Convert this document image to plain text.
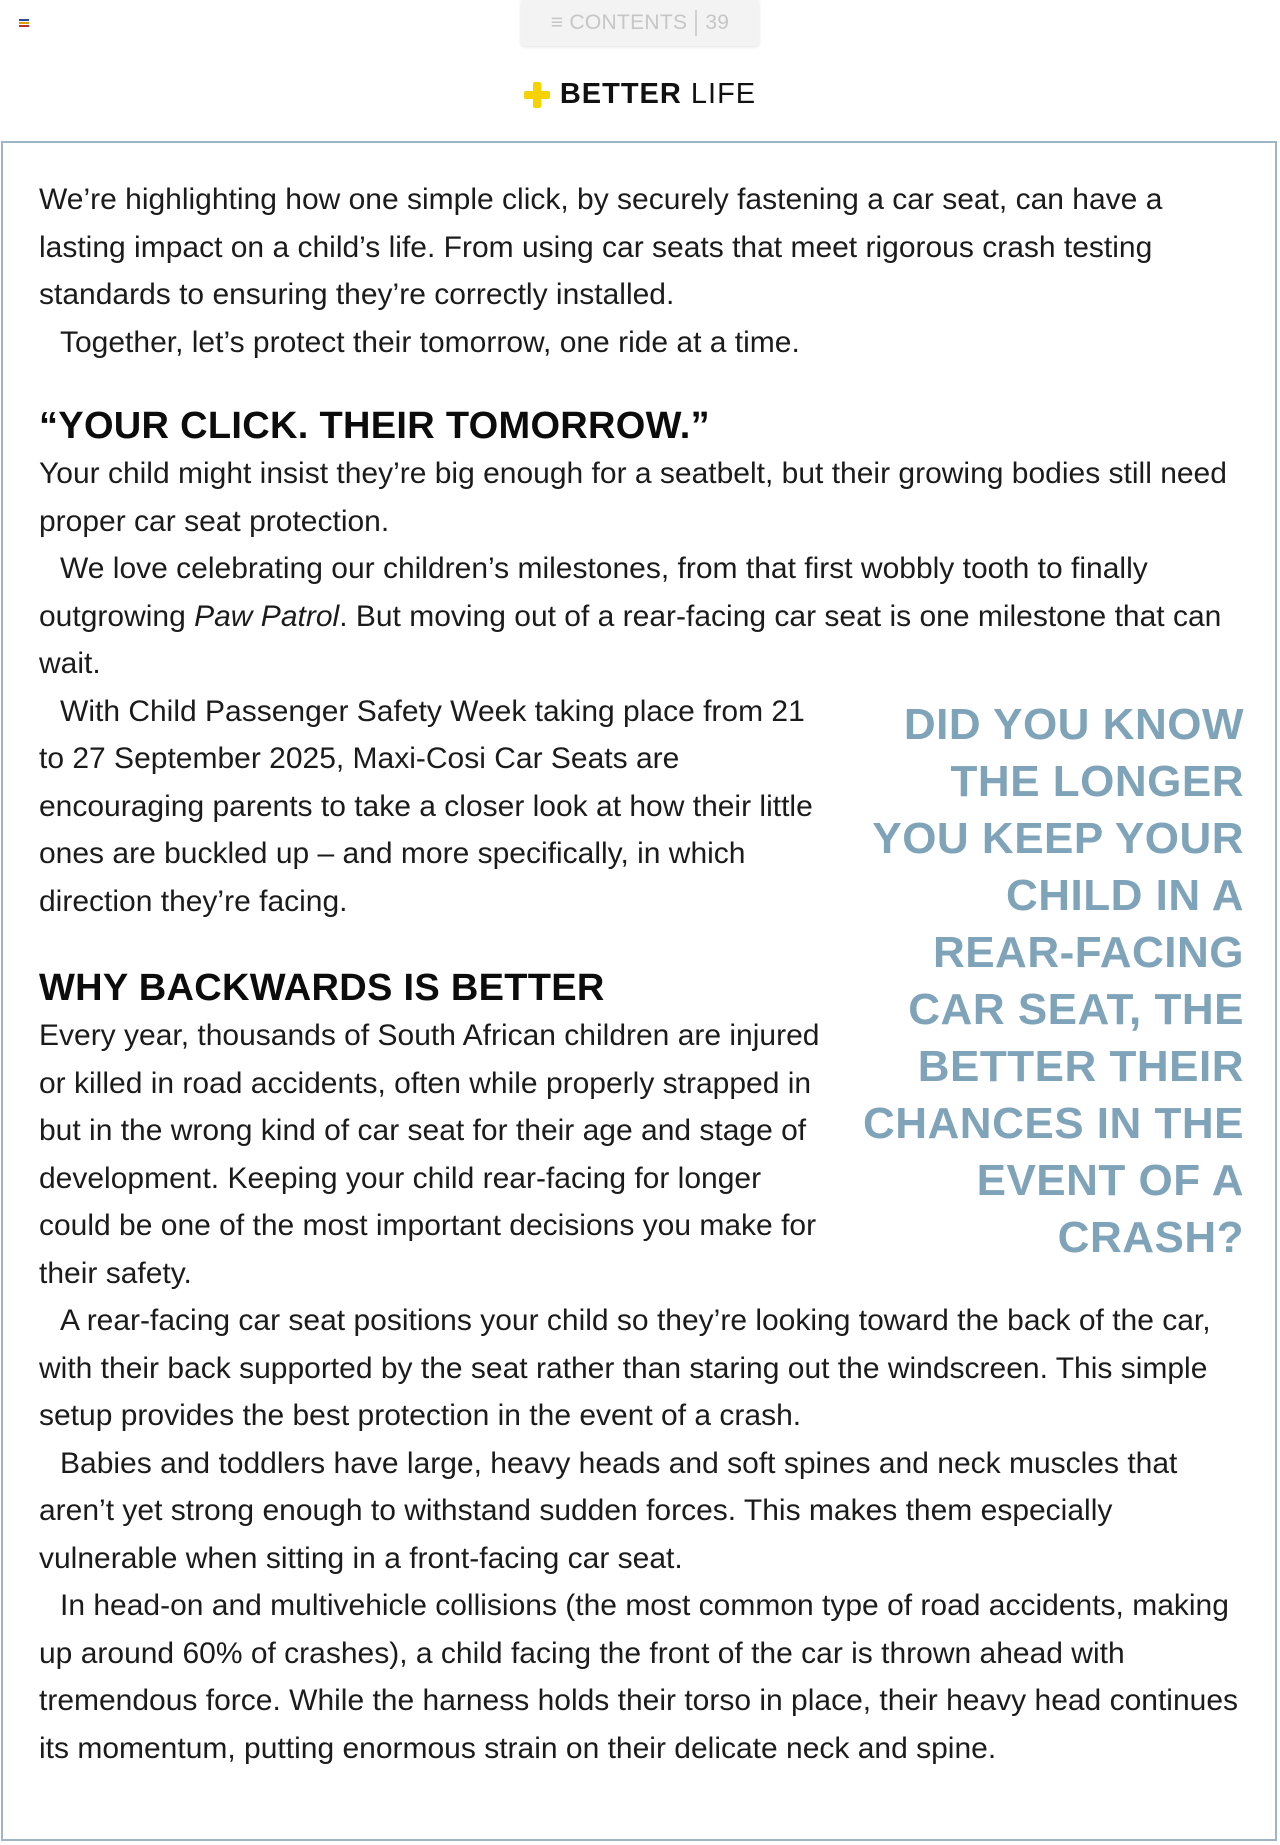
≡ CONTENTS 39
BETTER LIFE

We’re highlighting how one simple click, by securely fastening a car seat, can have a lasting impact on a child’s life. From using car seats that meet rigorous crash testing standards to ensuring they’re correctly installed.

Together, let’s protect their tomorrow, one ride at a time.

“YOUR CLICK. THEIR TOMORROW.”

Your child might insist they’re big enough for a seatbelt, but their growing bodies still need proper car seat protection.

We love celebrating our children’s milestones, from that first wobbly tooth to finally outgrowing Paw Patrol. But moving out of a rear-facing car seat is one milestone that can wait.

DID YOU KNOW THE LONGER YOU KEEP YOUR CHILD IN A REAR-FACING CAR SEAT, THE BETTER THEIR CHANCES IN THE EVENT OF A CRASH?

With Child Passenger Safety Week taking place from 21 to 27 September 2025, Maxi-Cosi Car Seats are encouraging parents to take a closer look at how their little ones are buckled up – and more specifically, in which direction they’re facing.

WHY BACKWARDS IS BETTER

Every year, thousands of South African children are injured or killed in road accidents, often while properly strapped in but in the wrong kind of car seat for their age and stage of development. Keeping your child rear-facing for longer could be one of the most important decisions you make for their safety.

A rear-facing car seat positions your child so they’re looking toward the back of the car, with their back supported by the seat rather than staring out the windscreen. This simple setup provides the best protection in the event of a crash.

Babies and toddlers have large, heavy heads and soft spines and neck muscles that aren’t yet strong enough to withstand sudden forces. This makes them especially vulnerable when sitting in a front-facing car seat.

In head-on and multivehicle collisions (the most common type of road accidents, making up around 60% of crashes), a child facing the front of the car is thrown ahead with tremendous force. While the harness holds their torso in place, their heavy head continues its momentum, putting enormous strain on their delicate neck and spine.
